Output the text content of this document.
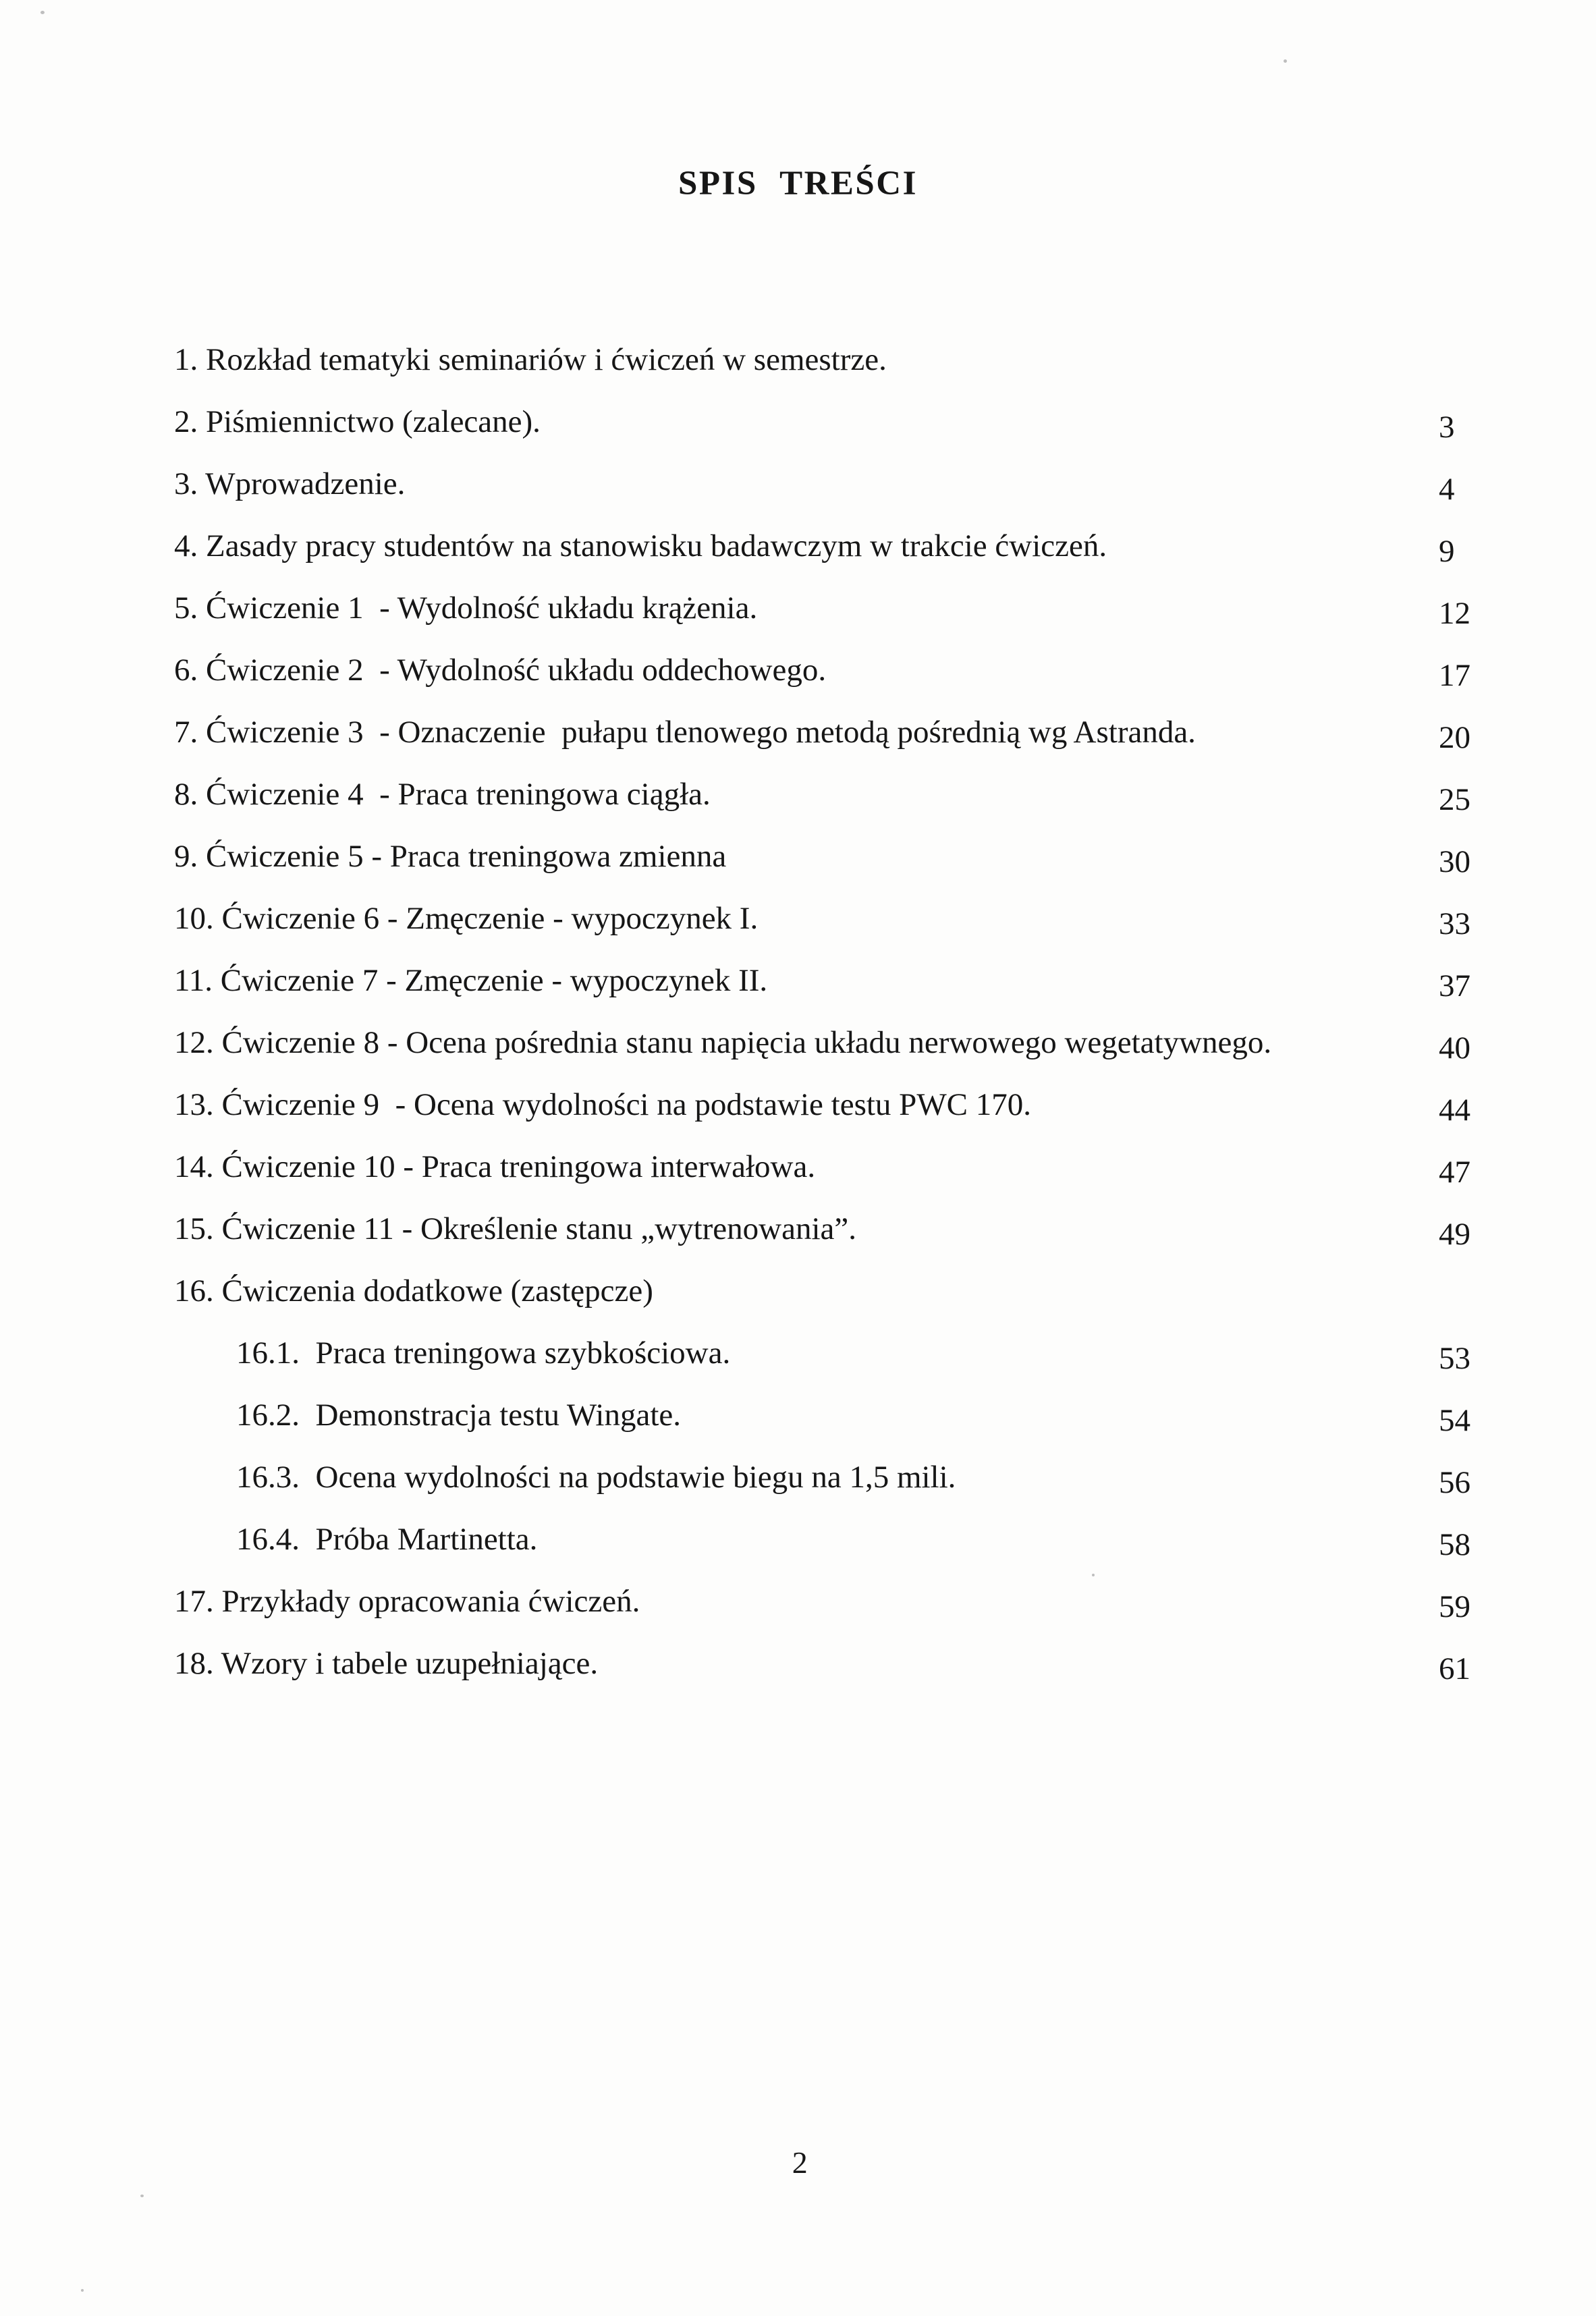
SPIS TREŚCI
1. Rozkład tematyki seminariów i ćwiczeń w semestrze.
2. Piśmiennictwo (zalecane).	3
3. Wprowadzenie.	4
4. Zasady pracy studentów na stanowisku badawczym w trakcie ćwiczeń.	9
5. Ćwiczenie 1  - Wydolność układu krążenia.	12
6. Ćwiczenie 2  - Wydolność układu oddechowego.	17
7. Ćwiczenie 3  - Oznaczenie  pułapu tlenowego metodą pośrednią wg Astranda.	20
8. Ćwiczenie 4  - Praca treningowa ciągła.	25
9. Ćwiczenie 5 - Praca treningowa zmienna	30
10. Ćwiczenie 6 - Zmęczenie - wypoczynek I.	33
11. Ćwiczenie 7 - Zmęczenie - wypoczynek II.	37
12. Ćwiczenie 8 - Ocena pośrednia stanu napięcia układu nerwowego wegetatywnego.	40
13. Ćwiczenie 9  - Ocena wydolności na podstawie testu PWC 170.	44
14. Ćwiczenie 10 - Praca treningowa interwałowa.	47
15. Ćwiczenie 11 - Określenie stanu „wytrenowania”.	49
16. Ćwiczenia dodatkowe (zastępcze)
16.1.  Praca treningowa szybkościowa.	53
16.2.  Demonstracja testu Wingate.	54
16.3.  Ocena wydolności na podstawie biegu na 1,5 mili.	56
16.4.  Próba Martinetta.	58
17. Przykłady opracowania ćwiczeń.	59
18. Wzory i tabele uzupełniające.	61
2
